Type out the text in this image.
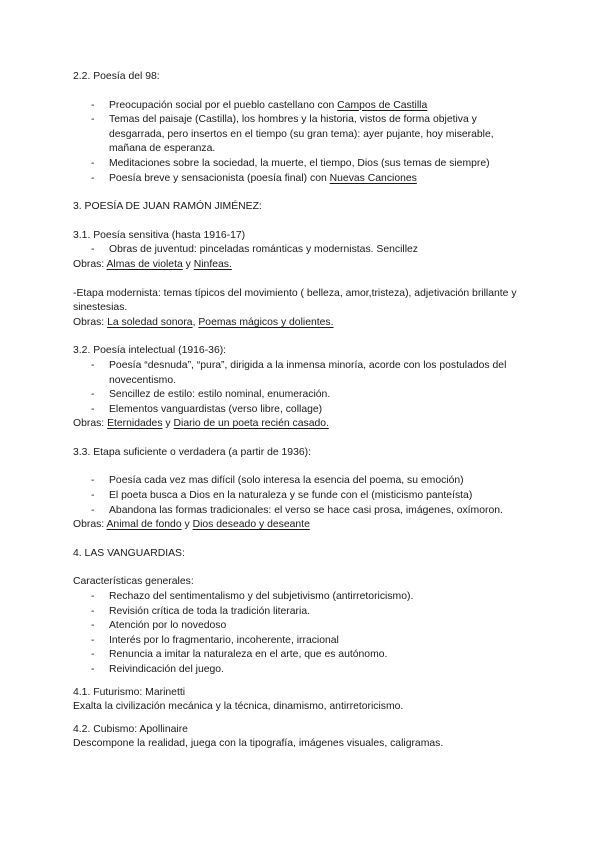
2.2. Poesía del 98:

- Preocupación social por el pueblo castellano con Campos de Castilla
- Temas del paisaje (Castilla), los hombres y la historia, vistos de forma objetiva y desgarrada, pero insertos en el tiempo (su gran tema): ayer pujante, hoy miserable, mañana de esperanza.
- Meditaciones sobre la sociedad, la muerte, el tiempo, Dios (sus temas de siempre)
- Poesía breve y sensacionista (poesía final) con Nuevas Canciones

3. POESÍA DE JUAN RAMÓN JIMÉNEZ:

3.1. Poesía sensitiva (hasta 1916-17)

- Obras de juventud: pinceladas románticas y modernistas. Sencillez

Obras: Almas de violeta y Ninfeas.

-Etapa modernista: temas típicos del movimiento ( belleza, amor,tristeza), adjetivación brillante y sinestesias.

Obras: La soledad sonora, Poemas mágicos y dolientes.

3.2. Poesía intelectual (1916-36):

- Poesía “desnuda”, “pura”, dirigida a la inmensa minoría, acorde con los postulados del novecentismo.
- Sencillez de estilo: estilo nominal, enumeración.
- Elementos vanguardistas (verso libre, collage)

Obras: Eternidades y Diario de un poeta recién casado.

3.3. Etapa suficiente o verdadera (a partir de 1936):

- Poesía cada vez mas difícil (solo interesa la esencia del poema, su emoción)
- El poeta busca a Dios en la naturaleza y se funde con el (misticismo panteísta)
- Abandona las formas tradicionales: el verso se hace casi prosa, imágenes, oxímoron.

Obras: Animal de fondo y Dios deseado y deseante

4. LAS VANGUARDIAS:

Características generales:

- Rechazo del sentimentalismo y del subjetivismo (antirretoricismo).
- Revisión crítica de toda la tradición literaria.
- Atención por lo novedoso
- Interés por lo fragmentario, incoherente, irracional
- Renuncia a imitar la naturaleza en el arte, que es autónomo.
- Reivindicación del juego.

4.1. Futurismo: Marinetti

Exalta la civilización mecánica y la técnica, dinamismo, antirretoricismo.

4.2. Cubismo: Apollinaire

Descompone la realidad, juega con la tipografía, imágenes visuales, caligramas.
